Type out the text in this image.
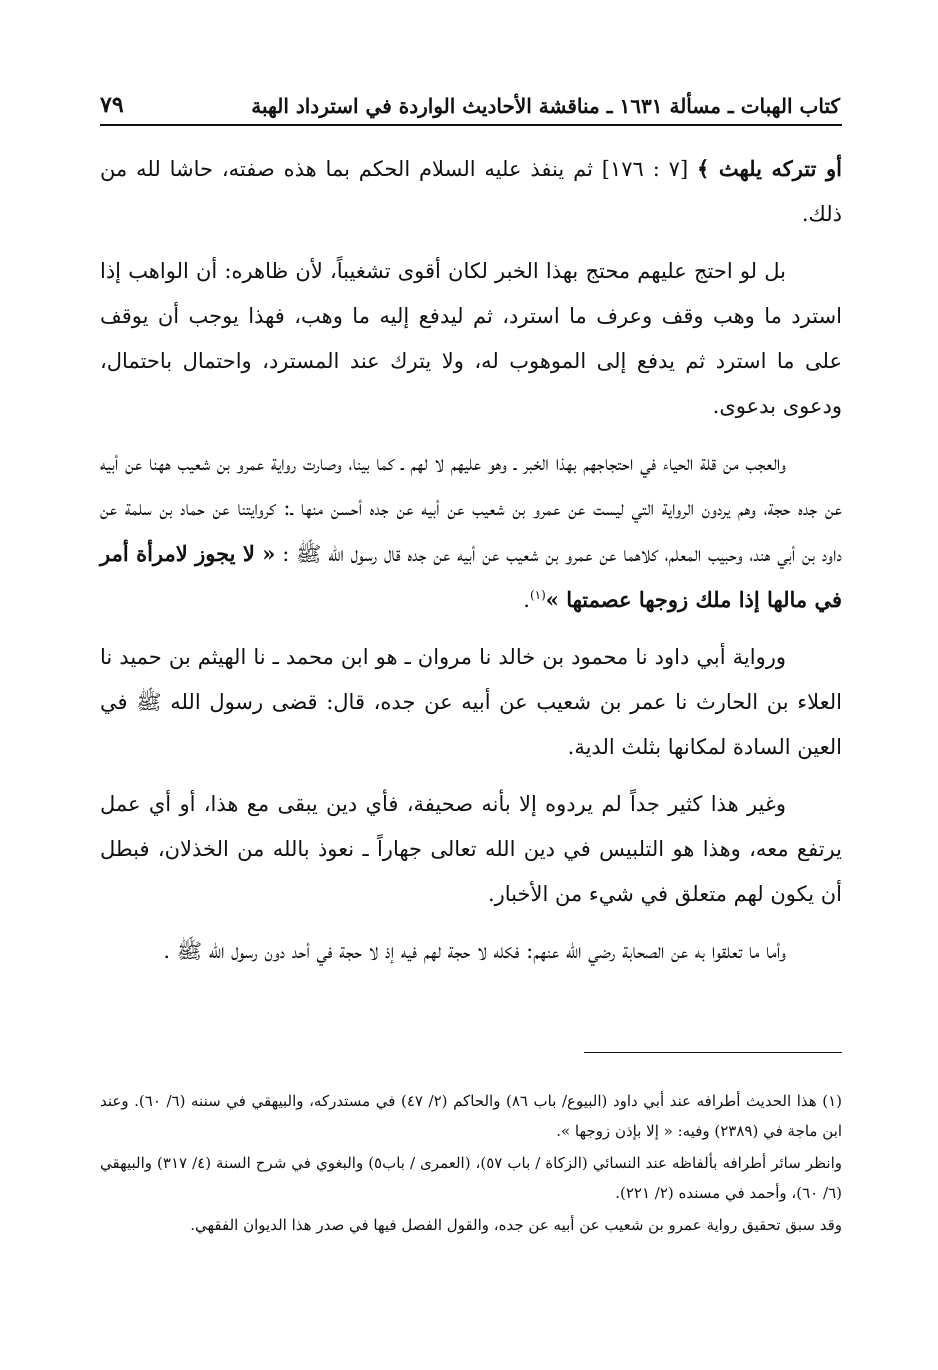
كتاب الهبات ـ مسألة ١٦٣١ ـ مناقشة الأحاديث الواردة في استرداد الهبة
٧٩

أو تتركه يلهث ﴾ [٧ : ١٧٦] ثم ينفذ عليه السلام الحكم بما هذه صفته، حاشا لله من ذلك.

بل لو احتج عليهم محتج بهذا الخبر لكان أقوى تشغيباً، لأن ظاهره: أن الواهب إذا استرد ما وهب وقف وعرف ما استرد، ثم ليدفع إليه ما وهب، فهذا يوجب أن يوقف على ما استرد ثم يدفع إلى الموهوب له، ولا يترك عند المسترد، واحتمال باحتمال، ودعوى بدعوى.

والعجب من قلة الحياء في احتجاجهم بهذا الخبر ـ وهو عليهم لا لهم ـ كما بينا، وصارت رواية عمرو بن شعيب ههنا عن أبيه عن جده حجة، وهم يردون الرواية التي ليست عن عمرو بن شعيب عن أبيه عن جده أحسن منها ـ: كروايتنا عن حماد بن سلمة عن داود بن أبي هند، وحبيب المعلم، كلاهما عن عمرو بن شعيب عن أبيه عن جده قال رسول الله ﷺ : « لا يجوز لامرأة أمر في مالها إذا ملك زوجها عصمتها »$^{(١)}$.

ورواية أبي داود نا محمود بن خالد نا مروان ـ هو ابن محمد ـ نا الهيثم بن حميد نا العلاء بن الحارث نا عمر بن شعيب عن أبيه عن جده، قال: قضى رسول الله ﷺ في العين السادة لمكانها بثلث الدية.

وغير هذا كثير جداً لم يردوه إلا بأنه صحيفة، فأي دين يبقى مع هذا، أو أي عمل يرتفع معه، وهذا هو التلبيس في دين الله تعالى جهاراً ـ نعوذ بالله من الخذلان، فبطل أن يكون لهم متعلق في شيء من الأخبار.

وأما ما تعلقوا به عن الصحابة رضي الله عنهم: فكله لا حجة لهم فيه إذ لا حجة في أحد دون رسول الله ﷺ .

(١) هذا الحديث أطرافه عند أبي داود (البيوع/ باب ٨٦) والحاكم (٢/ ٤٧) في مستدركه، والبيهقي في سننه (٦/ ٦٠). وعند ابن ماجة في (٢٣٨٩) وفيه: « إلا بإذن زوجها ».

وانظر سائر أطرافه بألفاظه عند النسائي (الزكاة / باب ٥٧)، (العمرى / باب٥) والبغوي في شرح السنة (٤/ ٣١٧) والبيهقي (٦/ ٦٠)، وأحمد في مسنده (٢/ ٢٢١).

وقد سبق تحقيق رواية عمرو بن شعيب عن أبيه عن جده، والقول الفصل فيها في صدر هذا الديوان الفقهي.
